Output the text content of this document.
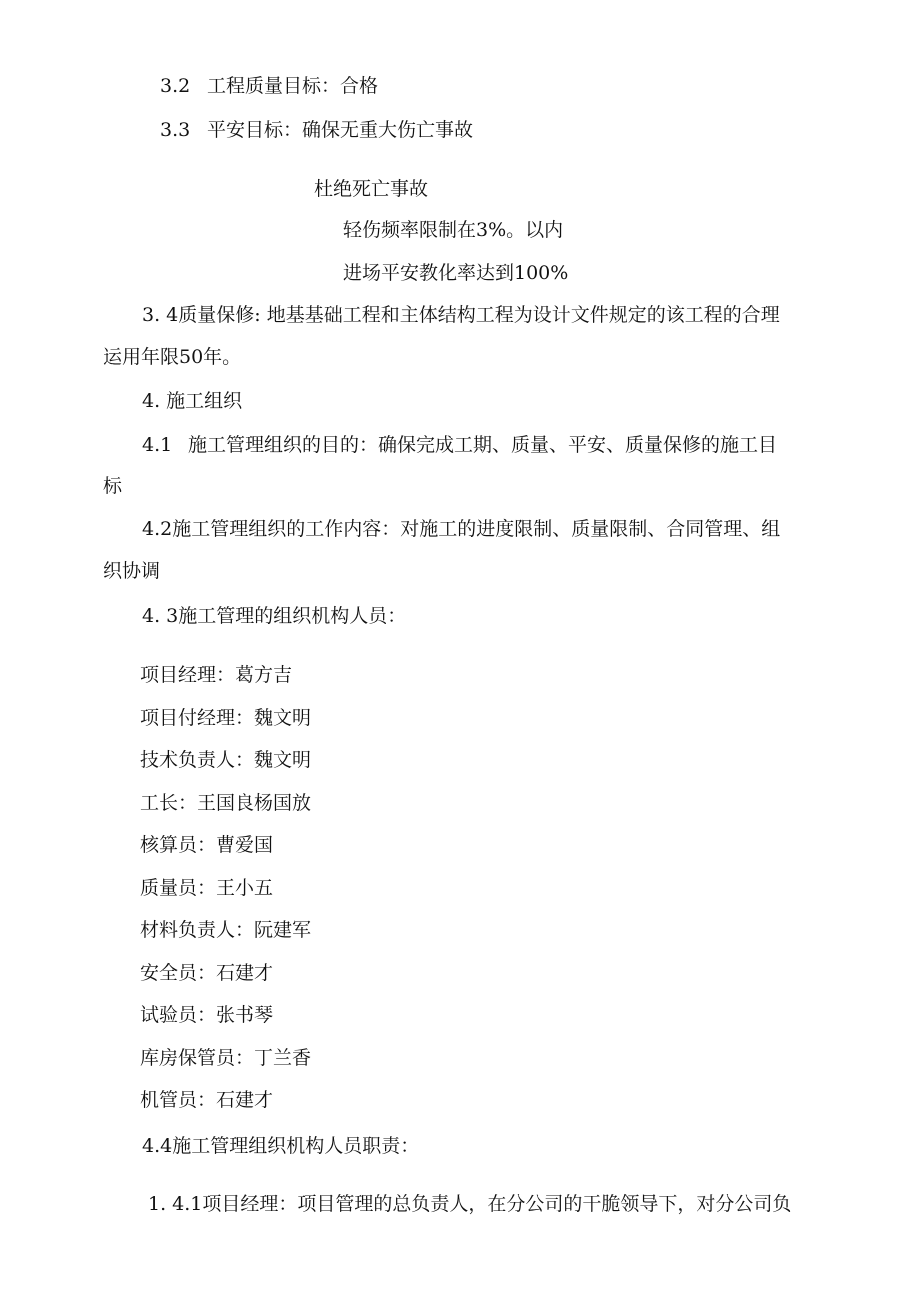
3.2 工程质量目标：合格

3.3 平安目标：确保无重大伤亡事故

杜绝死亡事故

轻伤频率限制在3%。以内

进场平安教化率达到100%

3. 4质量保修: 地基基础工程和主体结构工程为设计文件规定的该工程的合理

运用年限50年。

4. 施工组织

4.1 施工管理组织的目的：确保完成工期、质量、平安、质量保修的施工目

标

4.2施工管理组织的工作内容：对施工的进度限制、质量限制、合同管理、组

织协调

4. 3施工管理的组织机构人员：

项目经理：葛方吉

项目付经理：魏文明

技术负责人：魏文明

工长：王国良杨国放

核算员：曹爱国

质量员：王小五

材料负责人：阮建军

安全员：石建才

试验员：张书琴

库房保管员：丁兰香

机管员：石建才

4.4施工管理组织机构人员职责：

1. 4.1项目经理：项目管理的总负责人，在分公司的干脆领导下，对分公司负
